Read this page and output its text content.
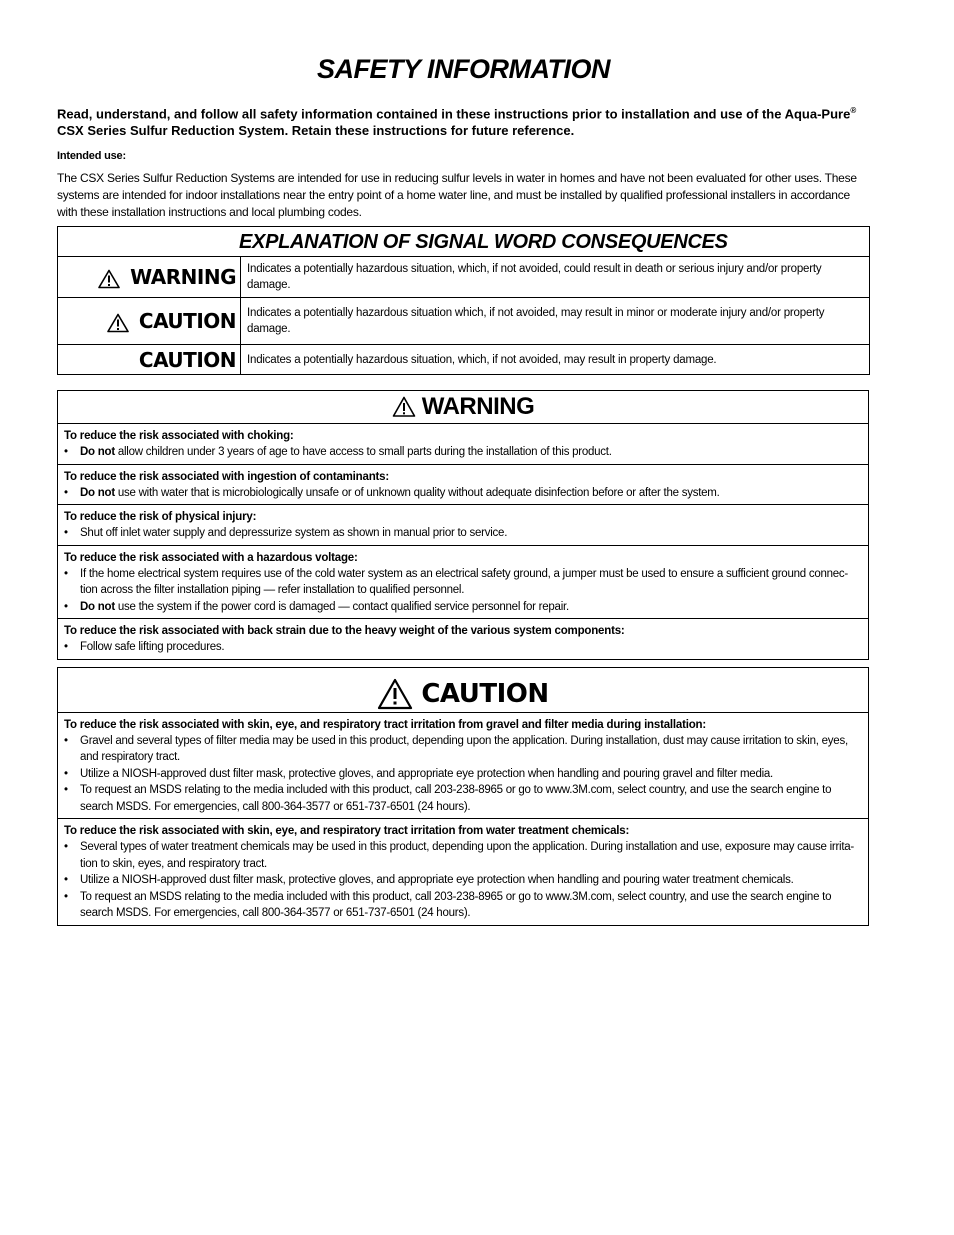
SAFETY INFORMATION
Read, understand, and follow all safety information contained in these instructions prior to installation and use of the Aqua-Pure® CSX Series Sulfur Reduction System. Retain these instructions for future reference.
Intended use:
The CSX Series Sulfur Reduction Systems are intended for use in reducing sulfur levels in water in homes and have not been evaluated for other uses. These systems are intended for indoor installations near the entry point of a home water line, and must be installed by qualified professional installers in accordance with these installation instructions and local plumbing codes.
EXPLANATION OF SIGNAL WORD CONSEQUENCES	
WARNING	Indicates a potentially hazardous situation, which, if not avoided, could result in death or serious injury and/or property damage.
CAUTION	Indicates a potentially hazardous situation which, if not avoided, may result in minor or moderate injury and/or property damage.
CAUTION	Indicates a potentially hazardous situation, which, if not avoided, may result in property damage.
WARNING
To reduce the risk associated with choking:
• Do not allow children under 3 years of age to have access to small parts during the installation of this product.
To reduce the risk associated with ingestion of contaminants:
• Do not use with water that is microbiologically unsafe or of unknown quality without adequate disinfection before or after the system.
To reduce the risk of physical injury:
• Shut off inlet water supply and depressurize system as shown in manual prior to service.
To reduce the risk associated with a hazardous voltage:
• If the home electrical system requires use of the cold water system as an electrical safety ground, a jumper must be used to ensure a sufficient ground connec-tion across the filter installation piping — refer installation to qualified personnel.
• Do not use the system if the power cord is damaged — contact qualified service personnel for repair.
To reduce the risk associated with back strain due to the heavy weight of the various system components:
• Follow safe lifting procedures.
CAUTION
To reduce the risk associated with skin, eye, and respiratory tract irritation from gravel and filter media during installation:
• Gravel and several types of filter media may be used in this product, depending upon the application. During installation, dust may cause irritation to skin, eyes, and respiratory tract.
• Utilize a NIOSH-approved dust filter mask, protective gloves, and appropriate eye protection when handling and pouring gravel and filter media.
• To request an MSDS relating to the media included with this product, call 203-238-8965 or go to www.3M.com, select country, and use the search engine to search MSDS. For emergencies, call 800-364-3577 or 651-737-6501 (24 hours).
To reduce the risk associated with skin, eye, and respiratory tract irritation from water treatment chemicals:
• Several types of water treatment chemicals may be used in this product, depending upon the application. During installation and use, exposure may cause irrita-tion to skin, eyes, and respiratory tract.
• Utilize a NIOSH-approved dust filter mask, protective gloves, and appropriate eye protection when handling and pouring water treatment chemicals.
• To request an MSDS relating to the media included with this product, call 203-238-8965 or go to www.3M.com, select country, and use the search engine to search MSDS. For emergencies, call 800-364-3577 or 651-737-6501 (24 hours).
